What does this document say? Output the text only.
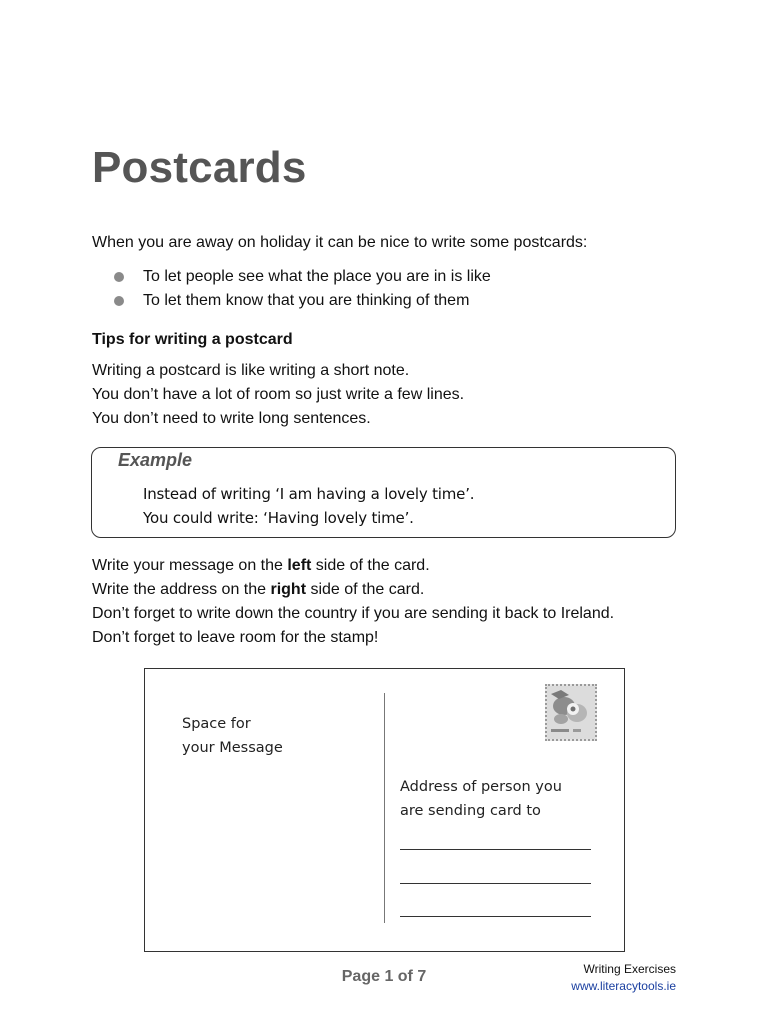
Postcards

When you are away on holiday it can be nice to write some postcards:

To let people see what the place you are in is like
To let them know that you are thinking of them

Tips for writing a postcard

Writing a postcard is like writing a short note.
You don’t have a lot of room so just write a few lines.
You don’t need to write long sentences.
Example
Instead of writing ‘I am having a lovely time’.
You could write: ‘Having lovely time’.
Write your message on the left side of the card.
Write the address on the right side of the card.
Don’t forget to write down the country if you are sending it back to Ireland.
Don’t forget to leave room for the stamp!
Space for
your Message
Address of person you
are sending card to
Page 1 of 7	Writing Exercises
www.literacytools.ie
